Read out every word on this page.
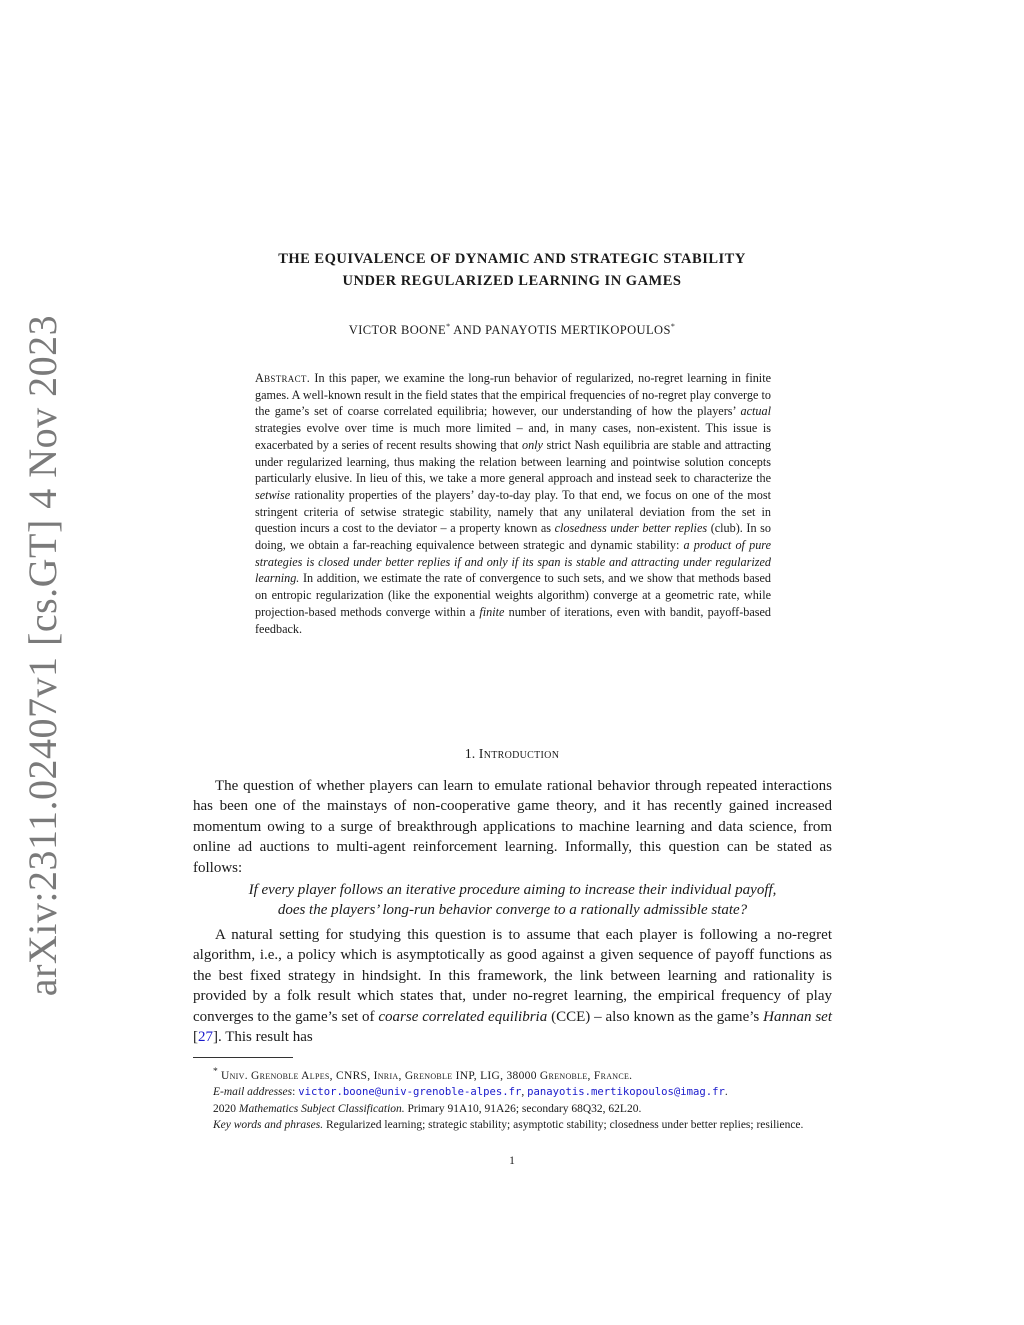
arXiv:2311.02407v1 [cs.GT] 4 Nov 2023
THE EQUIVALENCE OF DYNAMIC AND STRATEGIC STABILITY
UNDER REGULARIZED LEARNING IN GAMES
VICTOR BOONE* AND PANAYOTIS MERTIKOPOULOS*
Abstract. In this paper, we examine the long-run behavior of regularized, no-regret learning in finite games. A well-known result in the field states that the empirical frequencies of no-regret play converge to the game’s set of coarse correlated equilibria; however, our understanding of how the players’ actual strategies evolve over time is much more limited – and, in many cases, non-existent. This issue is exacerbated by a series of recent results showing that only strict Nash equilibria are stable and attracting under regularized learning, thus making the relation between learning and pointwise solution concepts particularly elusive. In lieu of this, we take a more general approach and instead seek to characterize the setwise rationality properties of the players’ day-to-day play. To that end, we focus on one of the most stringent criteria of setwise strategic stability, namely that any unilateral deviation from the set in question incurs a cost to the deviator – a property known as closedness under better replies (club). In so doing, we obtain a far-reaching equivalence between strategic and dynamic stability: a product of pure strategies is closed under better replies if and only if its span is stable and attracting under regularized learning. In addition, we estimate the rate of convergence to such sets, and we show that methods based on entropic regularization (like the exponential weights algorithm) converge at a geometric rate, while projection-based methods converge within a finite number of iterations, even with bandit, payoff-based feedback.
1. Introduction
The question of whether players can learn to emulate rational behavior through repeated interactions has been one of the mainstays of non-cooperative game theory, and it has recently gained increased momentum owing to a surge of breakthrough applications to machine learning and data science, from online ad auctions to multi-agent reinforcement learning. Informally, this question can be stated as follows:
If every player follows an iterative procedure aiming to increase their individual payoff,
does the players’ long-run behavior converge to a rationally admissible state?
A natural setting for studying this question is to assume that each player is following a no-regret algorithm, i.e., a policy which is asymptotically as good against a given sequence of payoff functions as the best fixed strategy in hindsight. In this framework, the link between learning and rationality is provided by a folk result which states that, under no-regret learning, the empirical frequency of play converges to the game’s set of coarse correlated equilibria (CCE) – also known as the game’s Hannan set [27]. This result has
* Univ. Grenoble Alpes, CNRS, Inria, Grenoble INP, LIG, 38000 Grenoble, France.
E-mail addresses: victor.boone@univ-grenoble-alpes.fr, panayotis.mertikopoulos@imag.fr.
2020 Mathematics Subject Classification. Primary 91A10, 91A26; secondary 68Q32, 62L20.
Key words and phrases. Regularized learning; strategic stability; asymptotic stability; closedness under better replies; resilience.
1
